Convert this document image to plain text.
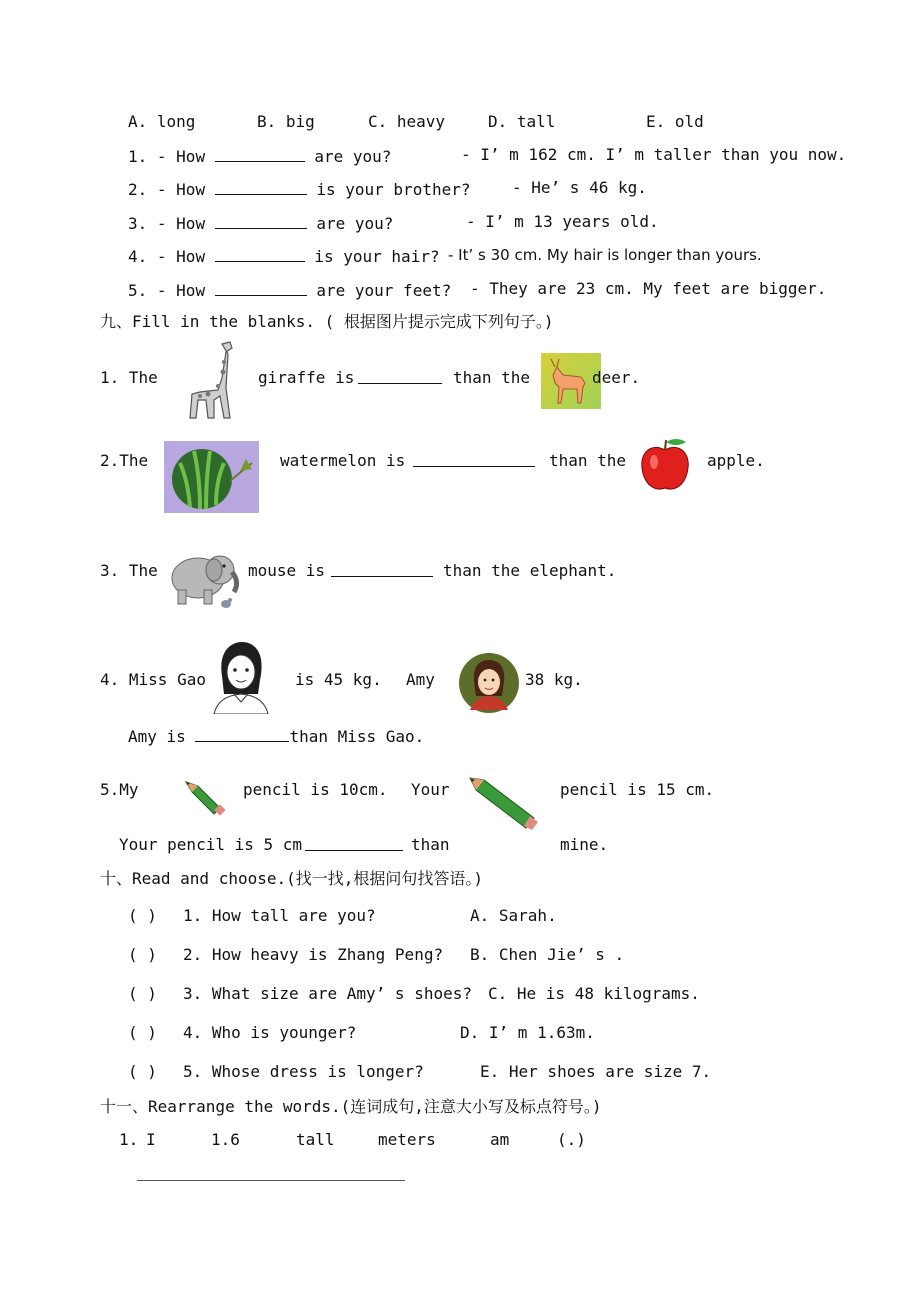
A. long	B. big	C. heavy	D. tall	E. old
1. - How	are you?	- I’ m 162 cm. I’ m taller than you now.
2. - How	is your brother?	- He’ s 46 kg.
3. - How	are you?	- I’ m 13 years old.
4. - How	is your hair? - It’ s 30 cm. My hair is longer than yours.
5. - How	are your feet? - They are 23 cm. My feet are bigger.
九、Fill in the blanks. ( 根据图片提示完成下列句子。)
1. The	giraffe is	than the	deer.
2.The	watermelon is	than the	apple.
3. The	mouse is	than the elephant.
4. Miss Gao	is 45 kg. Amy	38 kg.
Amy is	than Miss Gao.
5.My	pencil is 10cm. Your	pencil is 15 cm.
Your pencil is 5 cm	than	mine.
十、Read and choose.(找一找,根据问句找答语。)
( ) 1. How tall are you?	A. Sarah.
( ) 2. How heavy is Zhang Peng? B. Chen Jie’ s .
( ) 3. What size are Amy’ s shoes? C. He is 48 kilograms.
( ) 4. Who is younger?	D. I’ m 1.63m.
( ) 5. Whose dress is longer?	E. Her shoes are size 7.
十一、Rearrange the words.(连词成句,注意大小写及标点符号。)
1. I	1.6	tall	meters	am	(.)
